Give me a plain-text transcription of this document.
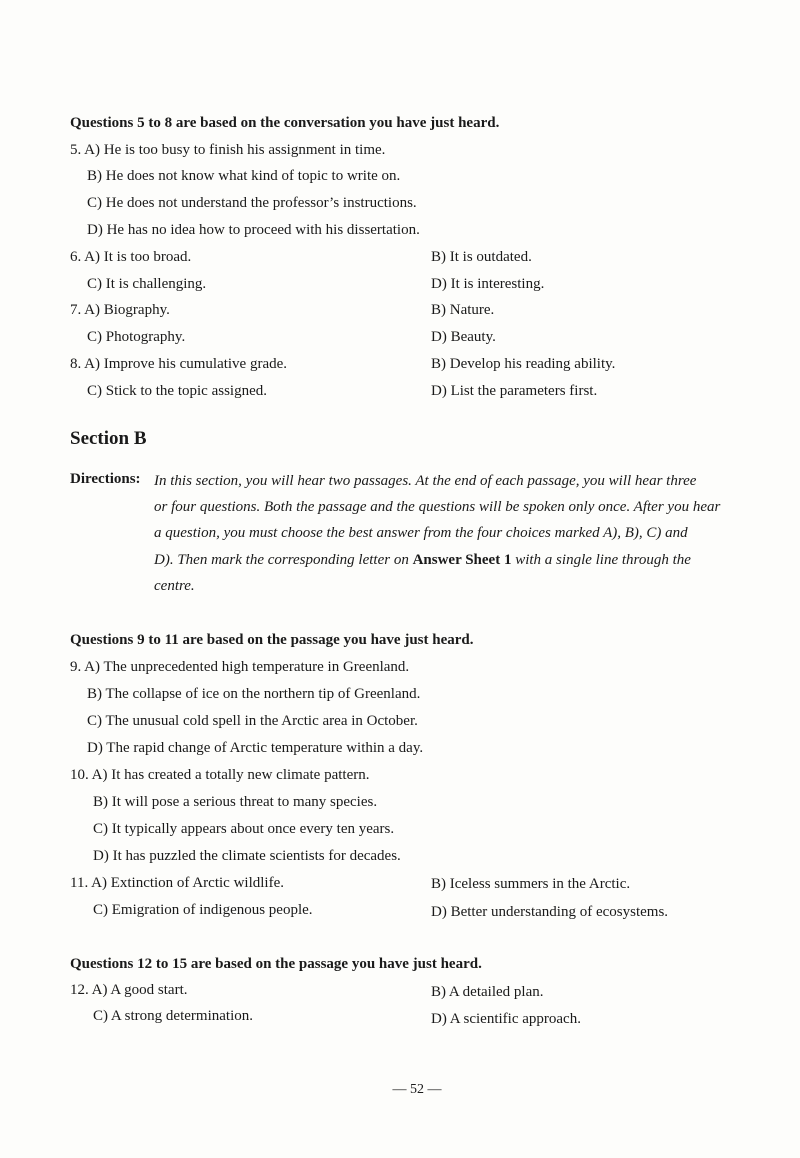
Questions 5 to 8 are based on the conversation you have just heard.
5. A) He is too busy to finish his assignment in time.
B) He does not know what kind of topic to write on.
C) He does not understand the professor’s instructions.
D) He has no idea how to proceed with his dissertation.
6. A) It is too broad.	B) It is outdated.
C) It is challenging.	D) It is interesting.
7. A) Biography.	B) Nature.
C) Photography.	D) Beauty.
8. A) Improve his cumulative grade.	B) Develop his reading ability.
C) Stick to the topic assigned.	D) List the parameters first.
Section B
Directions: In this section, you will hear two passages. At the end of each passage, you will hear three
or four questions. Both the passage and the questions will be spoken only once. After you hear
a question, you must choose the best answer from the four choices marked A), B), C) and
D). Then mark the corresponding letter on Answer Sheet 1 with a single line through the
centre.
Questions 9 to 11 are based on the passage you have just heard.
9. A) The unprecedented high temperature in Greenland.
B) The collapse of ice on the northern tip of Greenland.
C) The unusual cold spell in the Arctic area in October.
D) The rapid change of Arctic temperature within a day.
10. A) It has created a totally new climate pattern.
B) It will pose a serious threat to many species.
C) It typically appears about once every ten years.
D) It has puzzled the climate scientists for decades.
11. A) Extinction of Arctic wildlife.	B) Iceless summers in the Arctic.
C) Emigration of indigenous people.	D) Better understanding of ecosystems.
Questions 12 to 15 are based on the passage you have just heard.
12. A) A good start.	B) A detailed plan.
C) A strong determination.	D) A scientific approach.
— 52 —
